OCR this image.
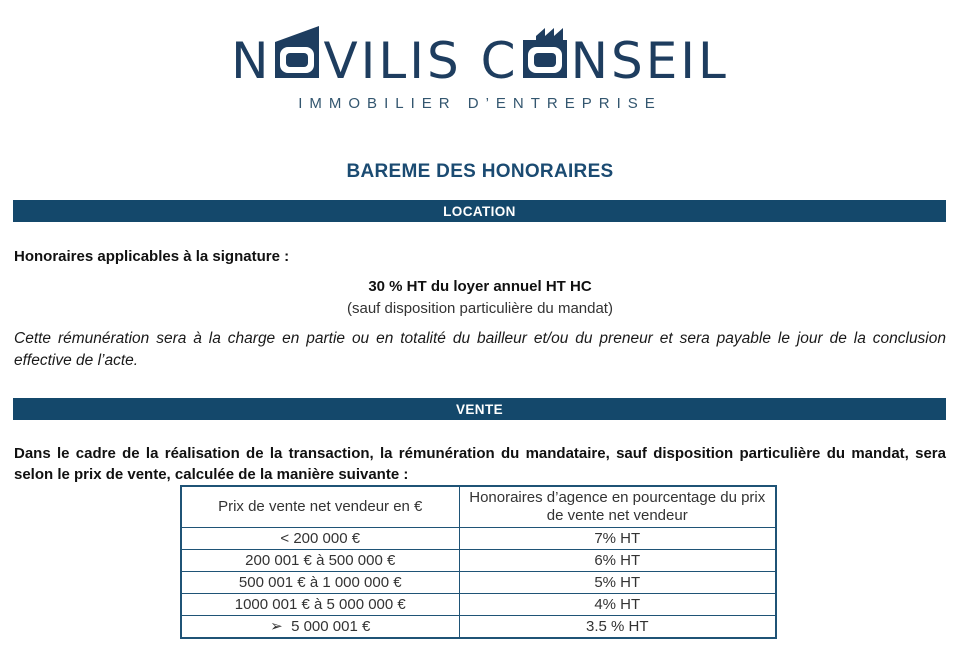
N VILIS C NSEIL
IMMOBILIER D’ENTREPRISE
BAREME DES HONORAIRES
LOCATION

Honoraires applicables à la signature :

30 % HT du loyer annuel HT HC

(sauf disposition particulière du mandat)

Cette rémunération sera à la charge en partie ou en totalité du bailleur et/ou du preneur et sera payable le jour de la conclusion effective de l’acte.

VENTE

Dans le cadre de la réalisation de la transaction, la rémunération du mandataire, sauf disposition particulière du mandat, sera selon le prix de vente, calculée de la manière suivante :

Prix de vente net vendeur en €	Honoraires d’agence en pourcentage du prix de vente net vendeur
< 200 000 €	7% HT
200 001 € à 500 000 €	6% HT
500 001 € à 1 000 000 €	5% HT
1000 001 € à 5 000 000 €	4% HT
➢  5 000 001 €	3.5 % HT
